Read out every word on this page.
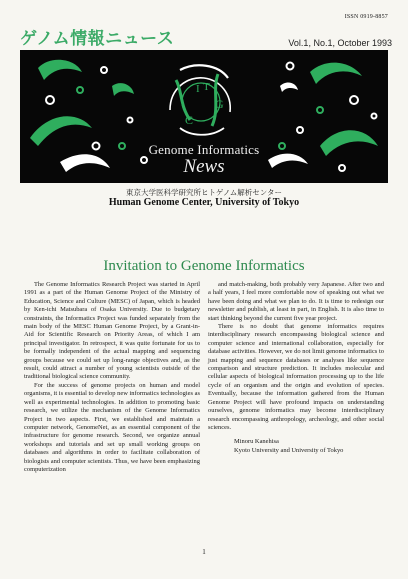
ISSN 0919-8857
ゲノム情報ニュース	Vol.1, No.1, October 1993
I T
G
C
Genome Informatics
News
東京大学医科学研究所ヒトゲノム解析センター
Human Genome Center, University of Tokyo
Invitation to Genome Informatics

The Genome Informatics Research Project was started in April 1991 as a part of the Human Genome Project of the Ministry of Education, Science and Culture (MESC) of Japan, which is headed by Ken-ichi Matsubara of Osaka University. Due to budgetary constraints, the Informatics Project was funded separately from the main body of the MESC Human Genome Project, by a Grant-in-Aid for Scientific Research on Priority Areas, of which I am principal investigator. In retrospect, it was quite fortunate for us to be formally independent of the actual mapping and sequencing groups because we could set up long-range objectives and, as the result, could attract a number of young scientists outside of the traditional biological science community.

For the success of genome projects on human and model organisms, it is essential to develop new informatics technologies as well as experimental technologies. In addition to promoting basic research, we utilize the mechanism of the Genome Informatics Project in two aspects. First, we established and maintain a computer network, GenomeNet, as an essential component of the infrastructure for genome research. Second, we organize annual workshops and tutorials and set up small working groups on databases and algorithms in order to facilitate collaboration of biologists and computer scientists. Thus, we have been emphasizing computerization

and match-making, both probably very Japanese. After two and a half years, I feel more comfortable now of speaking out what we have been doing and what we plan to do. It is time to redesign our newsletter and publish, at least in part, in English. It is also time to start thinking beyond the current five year project.

There is no doubt that genome informatics requires interdisciplinary research encompassing biological science and computer science and international collaboration, especially for database activities. However, we do not limit genome informatics to just mapping and sequence databases or analyses like sequence comparison and structure prediction. It includes molecular and cellular aspects of biological information processing up to the life cycle of an organism and the origin and evolution of species. Eventually, because the information gathered from the Human Genome Project will have profound impacts on understanding ourselves, genome informatics may become interdisciplinary research encompassing anthropology, archeology, and other social sciences.

Minoru Kanehisa
Kyoto University and University of Tokyo
1
